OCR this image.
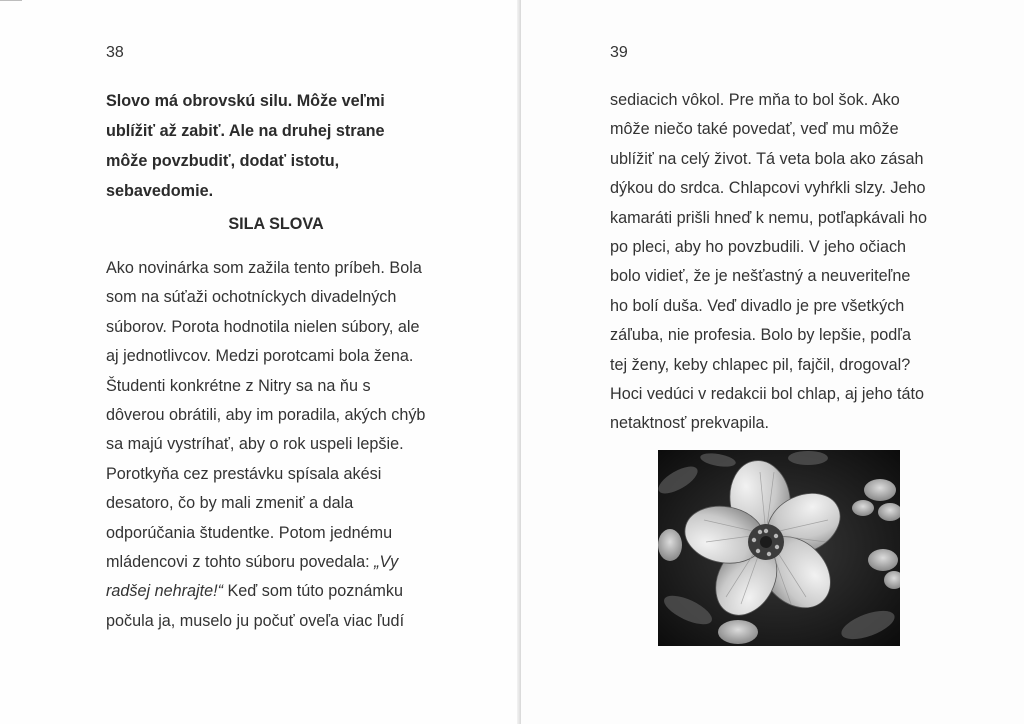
38
Slovo má obrovskú silu. Môže veľmi
ublížiť až zabiť. Ale na druhej strane
môže povzbudiť, dodať istotu,
sebavedomie.
SILA SLOVA
Ako novinárka som zažila tento príbeh. Bola
som na súťaži ochotníckych divadelných
súborov. Porota hodnotila nielen súbory, ale
aj jednotlivcov. Medzi porotcami bola žena.
Študenti konkrétne z Nitry sa na ňu s
dôverou obrátili, aby im poradila, akých chýb
sa majú vystríhať, aby o rok uspeli lepšie.
Porotkyňa cez prestávku spísala akési
desatoro, čo by mali zmeniť a dala
odporúčania študentke. Potom jednému
mládencovi z tohto súboru povedala: „Vy
radšej nehrajte!“ Keď som túto poznámku
počula ja, muselo ju počuť oveľa viac ľudí
39
sediacich vôkol. Pre mňa to bol šok. Ako
môže niečo také povedať, veď mu môže
ublížiť na celý život. Tá veta bola ako zásah
dýkou do srdca. Chlapcovi vyhŕkli slzy. Jeho
kamaráti prišli hneď k nemu, potľapkávali ho
po pleci, aby ho povzbudili. V jeho očiach
bolo vidieť, že je nešťastný a neuveriteľne
ho bolí duša. Veď divadlo je pre všetkých
záľuba, nie profesia. Bolo by lepšie, podľa
tej ženy, keby chlapec pil, fajčil, drogoval?
Hoci vedúci v redakcii bol chlap, aj jeho táto
netaktnosť prekvapila.
